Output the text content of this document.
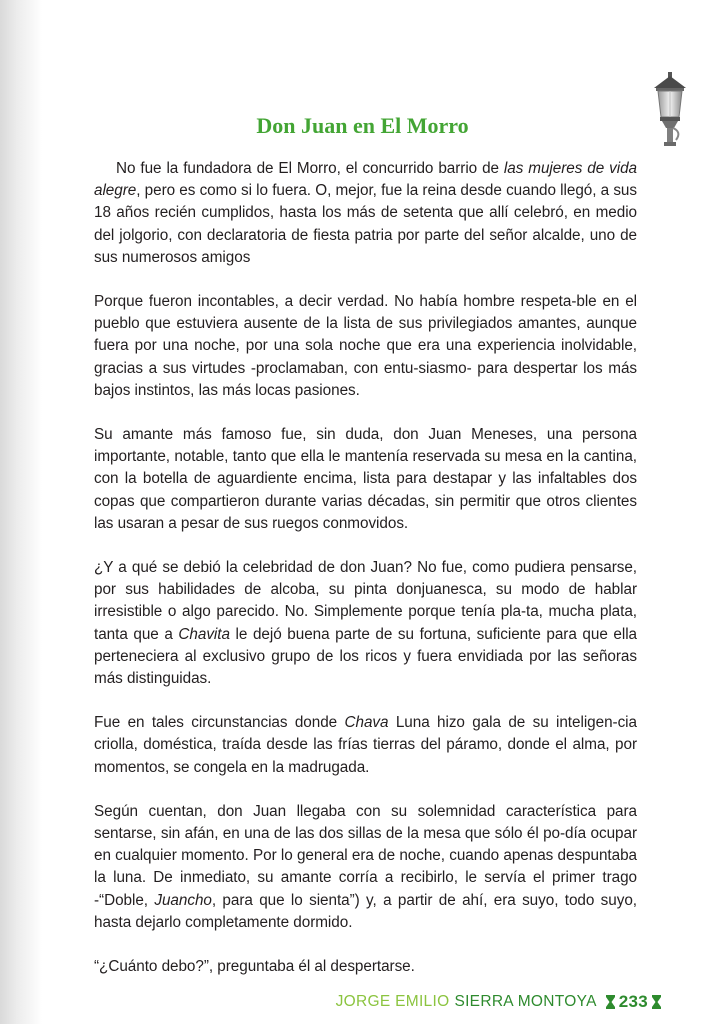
Don Juan en El Morro

No fue la fundadora de El Morro, el concurrido barrio de las mujeres de vida alegre, pero es como si lo fuera. O, mejor, fue la reina desde cuando llegó, a sus 18 años recién cumplidos, hasta los más de setenta que allí celebró, en medio del jolgorio, con declaratoria de fiesta patria por parte del señor alcalde, uno de sus numerosos amigos

Porque fueron incontables, a decir verdad. No había hombre respeta-ble en el pueblo que estuviera ausente de la lista de sus privilegiados amantes, aunque fuera por una noche, por una sola noche que era una experiencia inolvidable, gracias a sus virtudes -proclamaban, con entu-siasmo- para despertar los más bajos instintos, las más locas pasiones.

Su amante más famoso fue, sin duda, don Juan Meneses, una persona importante, notable, tanto que ella le mantenía reservada su mesa en la cantina, con la botella de aguardiente encima, lista para destapar y las infaltables dos copas que compartieron durante varias décadas, sin permitir que otros clientes las usaran a pesar de sus ruegos conmovidos.

¿Y a qué se debió la celebridad de don Juan? No fue, como pudiera pensarse, por sus habilidades de alcoba, su pinta donjuanesca, su modo de hablar irresistible o algo parecido. No. Simplemente porque tenía pla-ta, mucha plata, tanta que a Chavita le dejó buena parte de su fortuna, suficiente para que ella perteneciera al exclusivo grupo de los ricos y fuera envidiada por las señoras más distinguidas.

Fue en tales circunstancias donde Chava Luna hizo gala de su inteligen-cia criolla, doméstica, traída desde las frías tierras del páramo, donde el alma, por momentos, se congela en la madrugada.

Según cuentan, don Juan llegaba con su solemnidad característica para sentarse, sin afán, en una de las dos sillas de la mesa que sólo él po-día ocupar en cualquier momento. Por lo general era de noche, cuando apenas despuntaba la luna. De inmediato, su amante corría a recibirlo, le servía el primer trago -“Doble, Juancho, para que lo sienta”) y, a partir de ahí, era suyo, todo suyo, hasta dejarlo completamente dormido.

“¿Cuánto debo?”, preguntaba él al despertarse.

JORGE EMILIO SIERRA MONTOYA 233
